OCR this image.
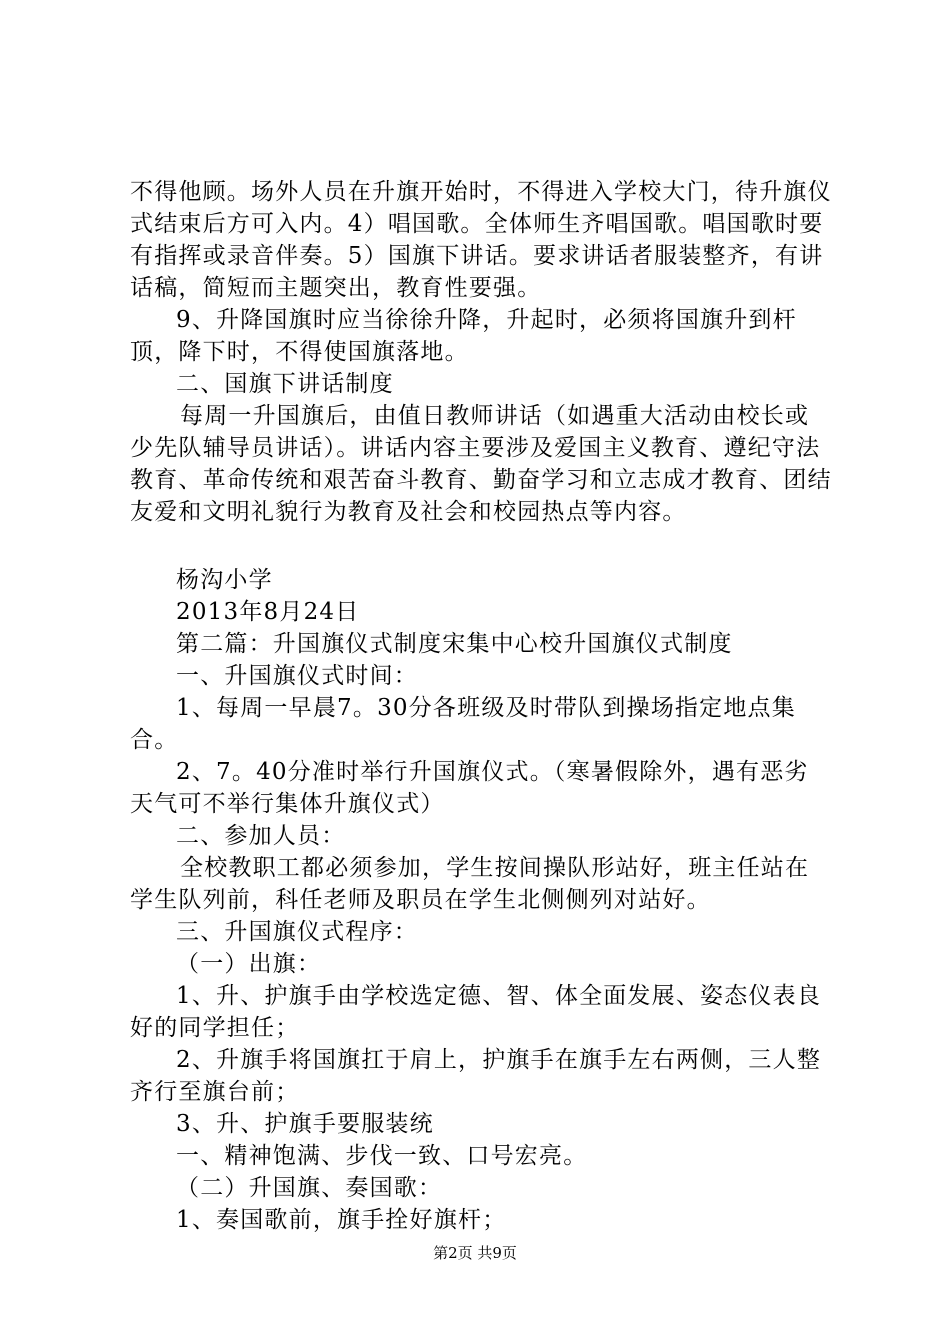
不得他顾。场外人员在升旗开始时，不得进入学校大门，待升旗仪式结束后方可入内。4）唱国歌。全体师生齐唱国歌。唱国歌时要有指挥或录音伴奏。5）国旗下讲话。要求讲话者服装整齐，有讲话稿，简短而主题突出，教育性要强。

9、升降国旗时应当徐徐升降，升起时，必须将国旗升到杆顶，降下时，不得使国旗落地。

二、国旗下讲话制度

每周一升国旗后，由值日教师讲话（如遇重大活动由校长或少先队辅导员讲话）。讲话内容主要涉及爱国主义教育、遵纪守法教育、革命传统和艰苦奋斗教育、勤奋学习和立志成才教育、团结友爱和文明礼貌行为教育及社会和校园热点等内容。

杨沟小学

2013年8月24日

第二篇：升国旗仪式制度宋集中心校升国旗仪式制度

一、升国旗仪式时间：

1、每周一早晨7。30分各班级及时带队到操场指定地点集合。

2、7。40分准时举行升国旗仪式。（寒暑假除外，遇有恶劣天气可不举行集体升旗仪式）

二、参加人员：

全校教职工都必须参加，学生按间操队形站好，班主任站在学生队列前，科任老师及职员在学生北侧侧列对站好。

三、升国旗仪式程序：

（一）出旗：

1、升、护旗手由学校选定德、智、体全面发展、姿态仪表良好的同学担任；

2、升旗手将国旗扛于肩上，护旗手在旗手左右两侧，三人整齐行至旗台前；

3、升、护旗手要服装统

一、精神饱满、步伐一致、口号宏亮。

（二）升国旗、奏国歌：

1、奏国歌前，旗手拴好旗杆；

第2页 共9页
